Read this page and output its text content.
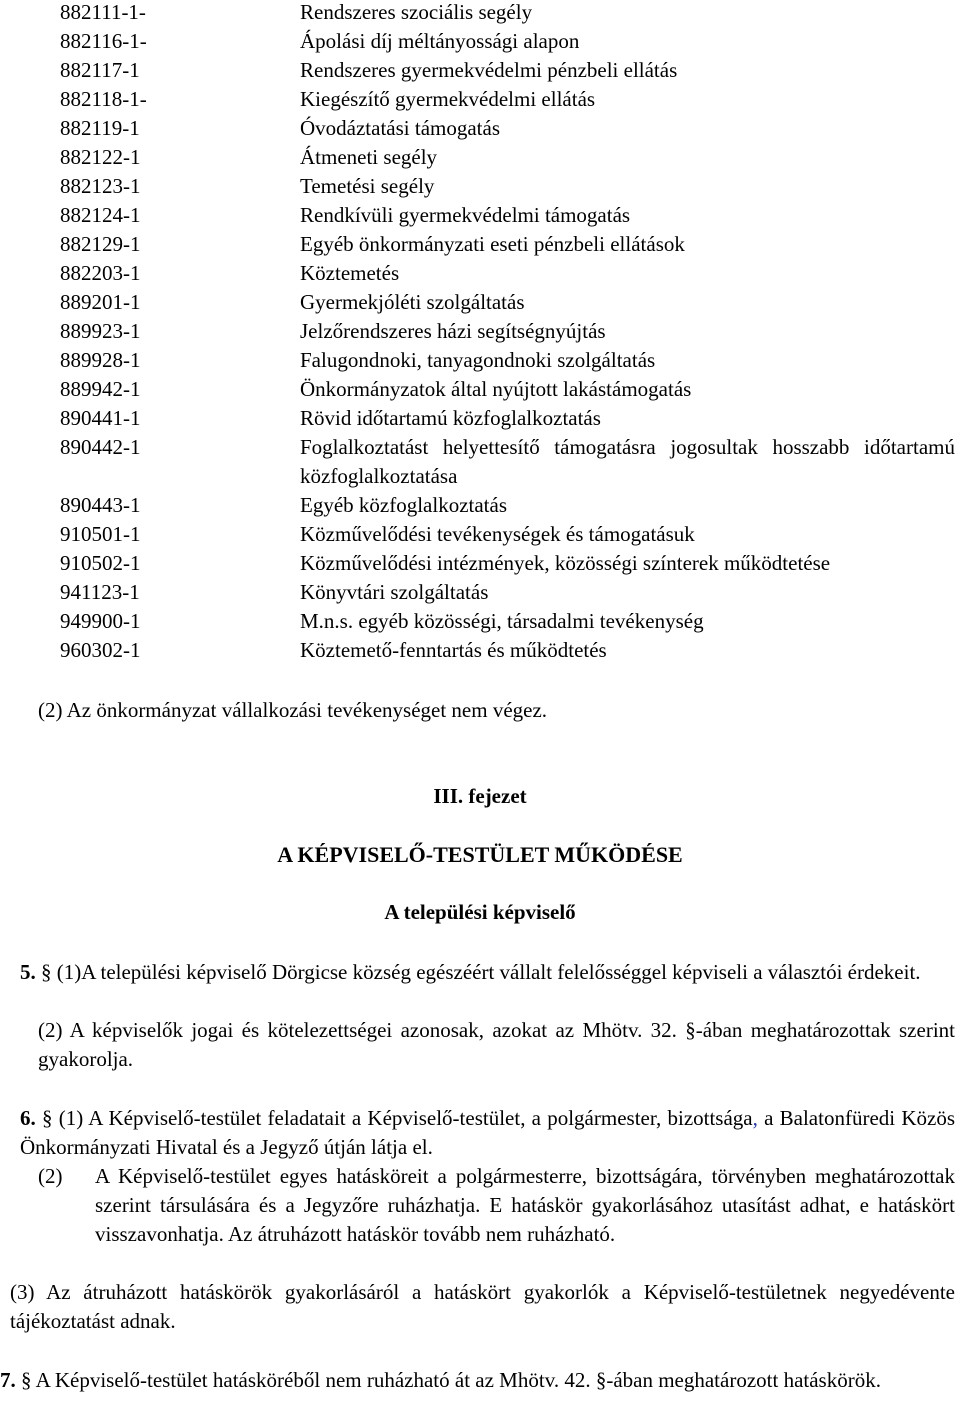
882111-1-	Rendszeres szociális segély
882116-1-	Ápolási díj méltányossági alapon
882117-1	Rendszeres gyermekvédelmi pénzbeli ellátás
882118-1-	Kiegészítő gyermekvédelmi ellátás
882119-1	Óvodáztatási támogatás
882122-1	Átmeneti segély
882123-1	Temetési segély
882124-1	Rendkívüli gyermekvédelmi támogatás
882129-1	Egyéb önkormányzati eseti pénzbeli ellátások
882203-1	Köztemetés
889201-1	Gyermekjóléti szolgáltatás
889923-1	Jelzőrendszeres házi segítségnyújtás
889928-1	Falugondnoki, tanyagondnoki szolgáltatás
889942-1	Önkormányzatok által nyújtott lakástámogatás
890441-1	Rövid időtartamú közfoglalkoztatás
890442-1	Foglalkoztatást helyettesítő támogatásra jogosultak hosszabb időtartamú közfoglalkoztatása
890443-1	Egyéb közfoglalkoztatás
910501-1	Közművelődési tevékenységek és támogatásuk
910502-1	Közművelődési intézmények, közösségi színterek működtetése
941123-1	Könyvtári szolgáltatás
949900-1	M.n.s. egyéb közösségi, társadalmi tevékenység
960302-1	Köztemető-fenntartás és működtetés
(2) Az önkormányzat vállalkozási tevékenységet nem végez.
III. fejezet
A KÉPVISELŐ-TESTÜLET MŰKÖDÉSE
A települési képviselő
5. § (1)A települési képviselő Dörgicse község egészéért vállalt felelősséggel képviseli a választói érdekeit.
(2) A képviselők jogai és kötelezettségei azonosak, azokat az Mhötv. 32. §-ában meghatározottak szerint gyakorolja.
6. § (1) A Képviselő-testület feladatait a Képviselő-testület, a polgármester, bizottsága, a Balatonfüredi Közös Önkormányzati Hivatal és a Jegyző útján látja el.
(2)	A Képviselő-testület egyes hatásköreit a polgármesterre, bizottságára, törvényben meghatározottak szerint társulására és a Jegyzőre ruházhatja. E hatáskör gyakorlásához utasítást adhat, e hatáskört visszavonhatja. Az átruházott hatáskör tovább nem ruházható.
(3) Az átruházott hatáskörök gyakorlásáról a hatáskört gyakorlók a Képviselő-testületnek negyedévente tájékoztatást adnak.
7. § A Képviselő-testület hatásköréből nem ruházható át az Mhötv. 42. §-ában meghatározott hatáskörök.
